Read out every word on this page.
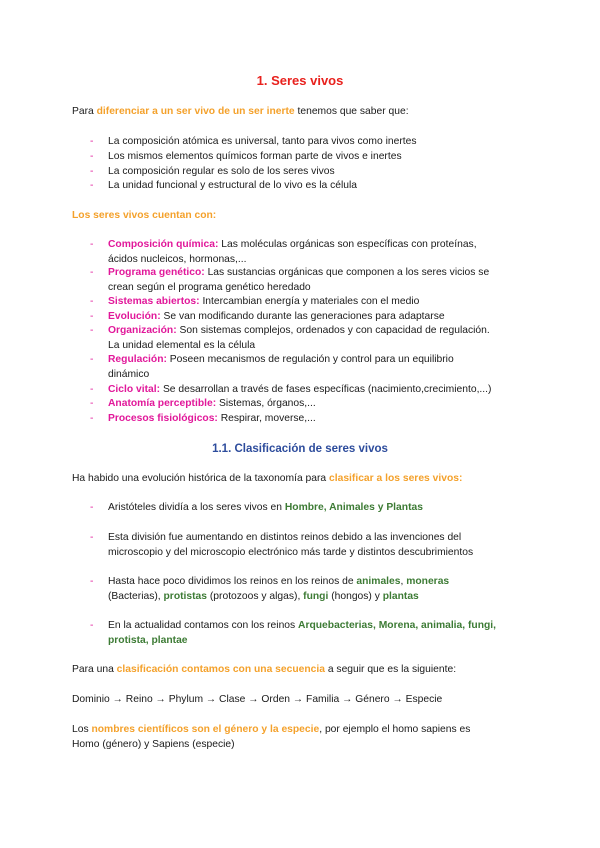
1. Seres vivos
Para diferenciar a un ser vivo de un ser inerte tenemos que saber que:
- La composición atómica es universal, tanto para vivos como inertes
- Los mismos elementos químicos forman parte de vivos e inertes
- La composición regular es solo de los seres vivos
- La unidad funcional y estructural de lo vivo es la célula
Los seres vivos cuentan con:
- Composición química: Las moléculas orgánicas son específicas con proteínas,
ácidos nucleicos, hormonas,...
- Programa genético: Las sustancias orgánicas que componen a los seres vicios se
crean según el programa genético heredado
- Sistemas abiertos: Intercambian energía y materiales con el medio
- Evolución: Se van modificando durante las generaciones para adaptarse
- Organización: Son sistemas complejos, ordenados y con capacidad de regulación.
La unidad elemental es la célula
- Regulación: Poseen mecanismos de regulación y control para un equilibrio
dinámico
- Ciclo vital: Se desarrollan a través de fases específicas (nacimiento,crecimiento,...)
- Anatomía perceptible: Sistemas, órganos,...
- Procesos fisiológicos: Respirar, moverse,...
1.1. Clasificación de seres vivos
Ha habido una evolución histórica de la taxonomía para clasificar a los seres vivos:
- Aristóteles dividía a los seres vivos en Hombre, Animales y Plantas
- Esta división fue aumentando en distintos reinos debido a las invenciones del
microscopio y del microscopio electrónico más tarde y distintos descubrimientos
- Hasta hace poco dividimos los reinos en los reinos de animales, moneras
(Bacterias), protistas (protozoos y algas), fungi (hongos) y plantas
- En la actualidad contamos con los reinos Arquebacterias, Morena, animalia, fungi,
protista, plantae
Para una clasificación contamos con una secuencia a seguir que es la siguiente:
Dominio → Reino → Phylum → Clase → Orden → Familia → Género → Especie
Los nombres científicos son el género y la especie, por ejemplo el homo sapiens es
Homo (género) y Sapiens (especie)
